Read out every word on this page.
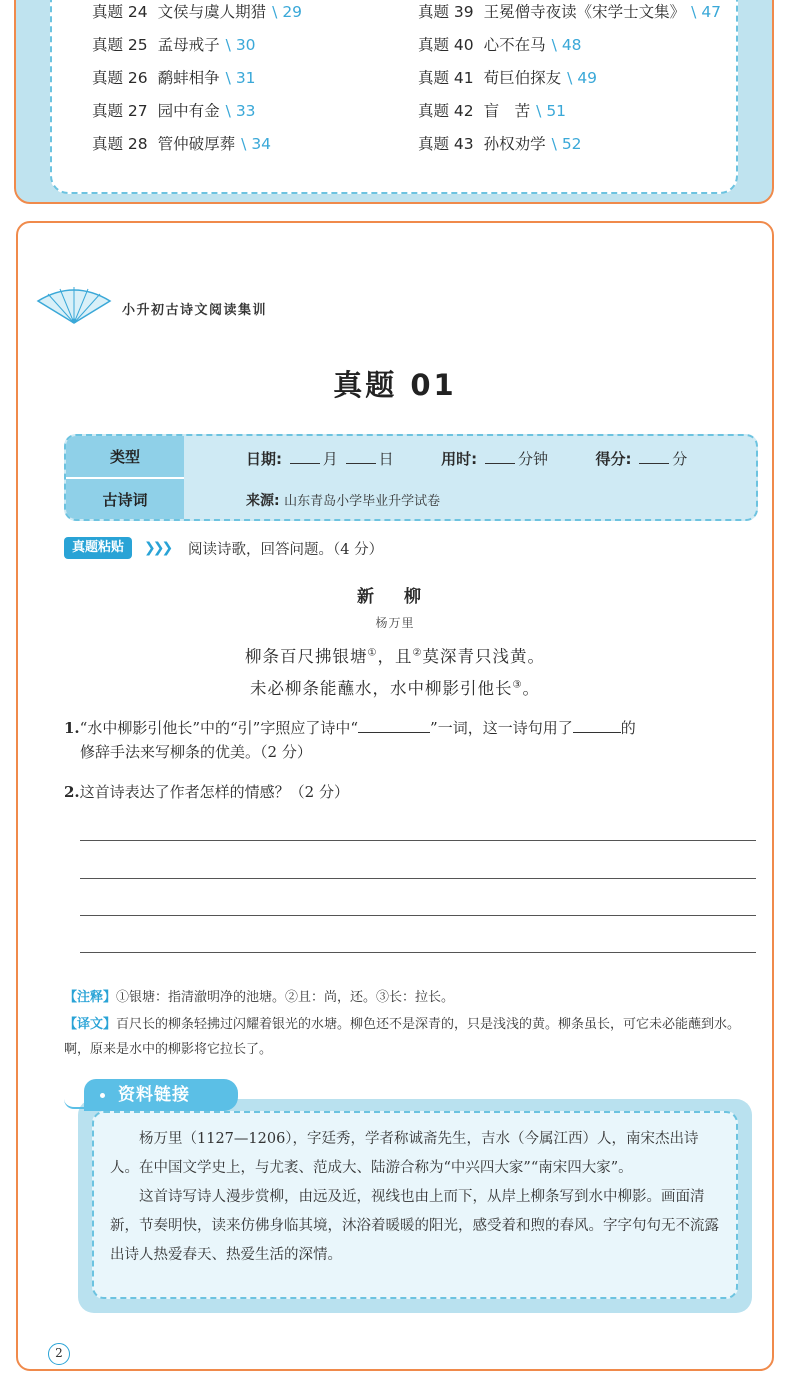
真题 24 文侯与虞人期猎 \ 29
真题 25 孟母戒子 \ 30
真题 26 鹬蚌相争 \ 31
真题 27 园中有金 \ 33
真题 28 管仲破厚葬 \ 34
真题 39 王冕僧寺夜读《宋学士文集》 \ 47
真题 40 心不在马 \ 48
真题 41 荀巨伯探友 \ 49
真题 42 盲　苦 \ 51
真题 43 孙权劝学 \ 52
小升初古诗文阅读集训
真题 01
类型
古诗词
日期:	月	日	用时:	分钟	得分:	分
来源: 山东青岛小学毕业升学试卷
真题粘贴	❯❯❯ 阅读诗歌，回答问题。（4 分）
新 柳
杨万里
柳条百尺拂银塘①，且②莫深青只浅黄。
未必柳条能蘸水，水中柳影引他长③。
1.“水中柳影引他长”中的“引”字照应了诗中“	”一词，这一诗句用了	的
修辞手法来写柳条的优美。（2 分）
2.这首诗表达了作者怎样的情感？（2 分）
【注释】①银塘：指清澈明净的池塘。②且：尚，还。③长：拉长。
【译文】百尺长的柳条轻拂过闪耀着银光的水塘。柳色还不是深青的，只是浅浅的黄。柳条虽长，可它未必能蘸到水。啊，原来是水中的柳影将它拉长了。

杨万里（1127—1206），字廷秀，学者称诚斋先生，吉水（今属江西）人，南宋杰出诗人。在中国文学史上，与尤袤、范成大、陆游合称为“中兴四大家”“南宋四大家”。

这首诗写诗人漫步赏柳，由远及近，视线也由上而下，从岸上柳条写到水中柳影。画面清新，节奏明快，读来仿佛身临其境，沐浴着暖暖的阳光，感受着和煦的春风。字字句句无不流露出诗人热爱春天、热爱生活的深情。

资料链接
2
